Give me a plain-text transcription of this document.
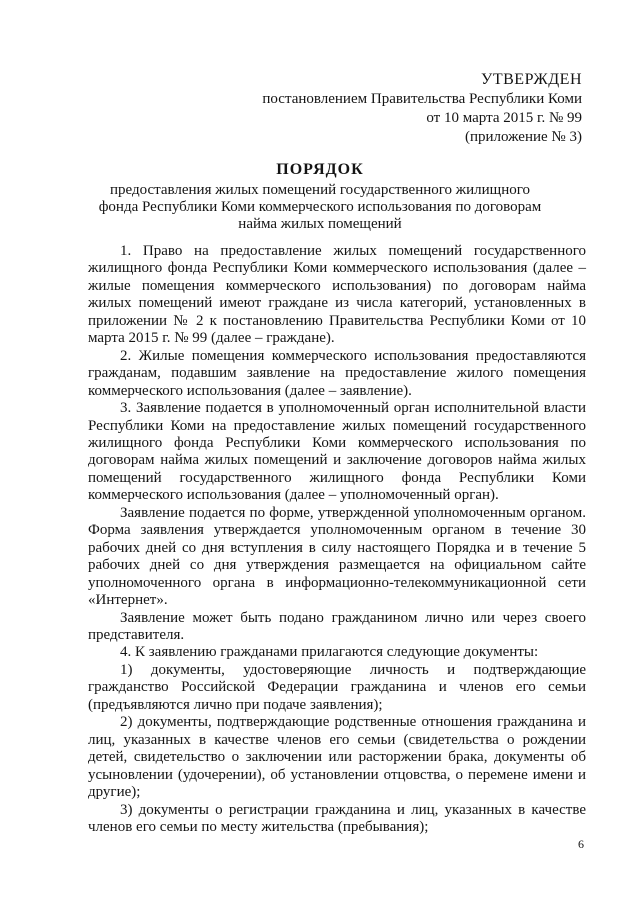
УТВЕРЖДЕН
постановлением Правительства Республики Коми
от 10 марта 2015 г. № 99
(приложение № 3)
ПОРЯДОК
предоставления жилых помещений государственного жилищного
фонда Республики Коми коммерческого использования по договорам
найма жилых помещений

1. Право на предоставление жилых помещений государственного жилищного фонда Республики Коми коммерческого использования (далее – жилые помещения коммерческого использования) по договорам найма жилых помещений имеют граждане из числа категорий, установленных в приложении № 2 к постановлению Правительства Республики Коми от 10 марта 2015 г. № 99 (далее – граждане).

2. Жилые помещения коммерческого использования предоставляются гражданам, подавшим заявление на предоставление жилого помещения коммерческого использования (далее – заявление).

3. Заявление подается в уполномоченный орган исполнительной власти Республики Коми на предоставление жилых помещений государственного жилищного фонда Республики Коми коммерческого использования по договорам найма жилых помещений и заключение договоров найма жилых помещений государственного жилищного фонда Республики Коми коммерческого использования (далее – уполномоченный орган).

Заявление подается по форме, утвержденной уполномоченным органом. Форма заявления утверждается уполномоченным органом в течение 30 рабочих дней со дня вступления в силу настоящего Порядка и в течение 5 рабочих дней со дня утверждения размещается на официальном сайте уполномоченного органа в информационно-телекоммуникационной сети «Интернет».

Заявление может быть подано гражданином лично или через своего представителя.

4. К заявлению гражданами прилагаются следующие документы:

1) документы, удостоверяющие личность и подтверждающие гражданство Российской Федерации гражданина и членов его семьи (предъявляются лично при подаче заявления);

2) документы, подтверждающие родственные отношения гражданина и лиц, указанных в качестве членов его семьи (свидетельства о рождении детей, свидетельство о заключении или расторжении брака, документы об усыновлении (удочерении), об установлении отцовства, о перемене имени и другие);

3) документы о регистрации гражданина и лиц, указанных в качестве членов его семьи по месту жительства (пребывания);

6
